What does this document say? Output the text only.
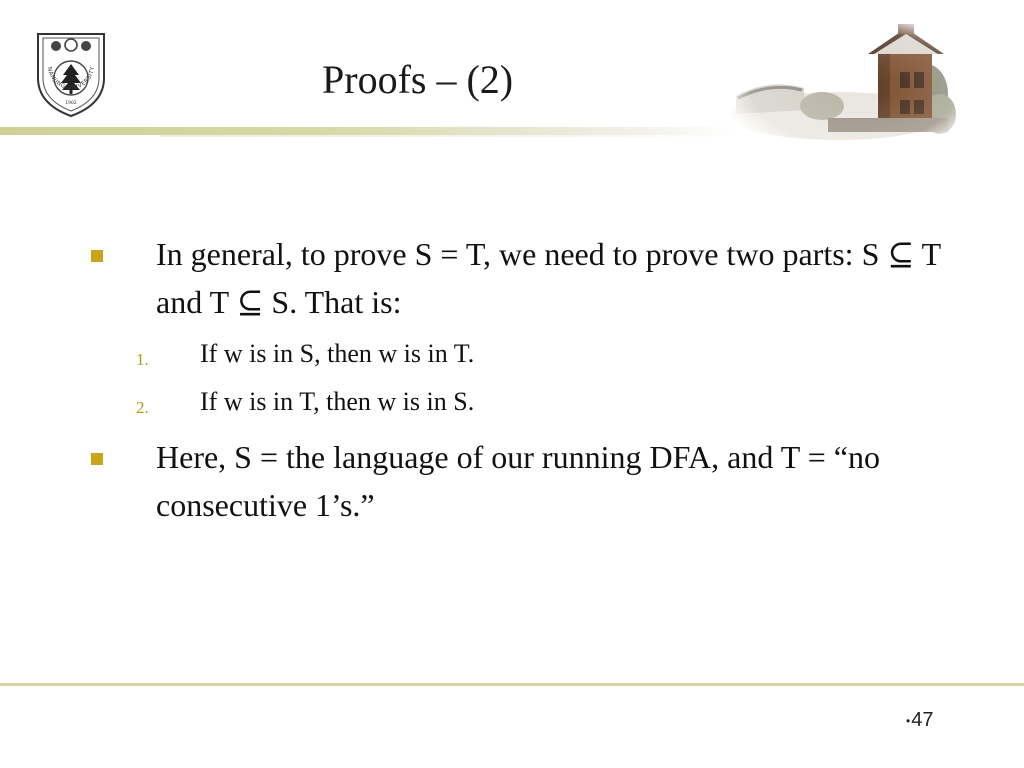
1902
NANJING UNIVERSITY	Proofs – (2)

In general, to prove S = T, we need to prove two parts: S ⊆ T and T ⊆ S. That is:

1.	If w is in S, then w is in T.
2.	If w is in T, then w is in S.

Here, S = the language of our running DFA, and T = “no consecutive 1’s.”

•47
